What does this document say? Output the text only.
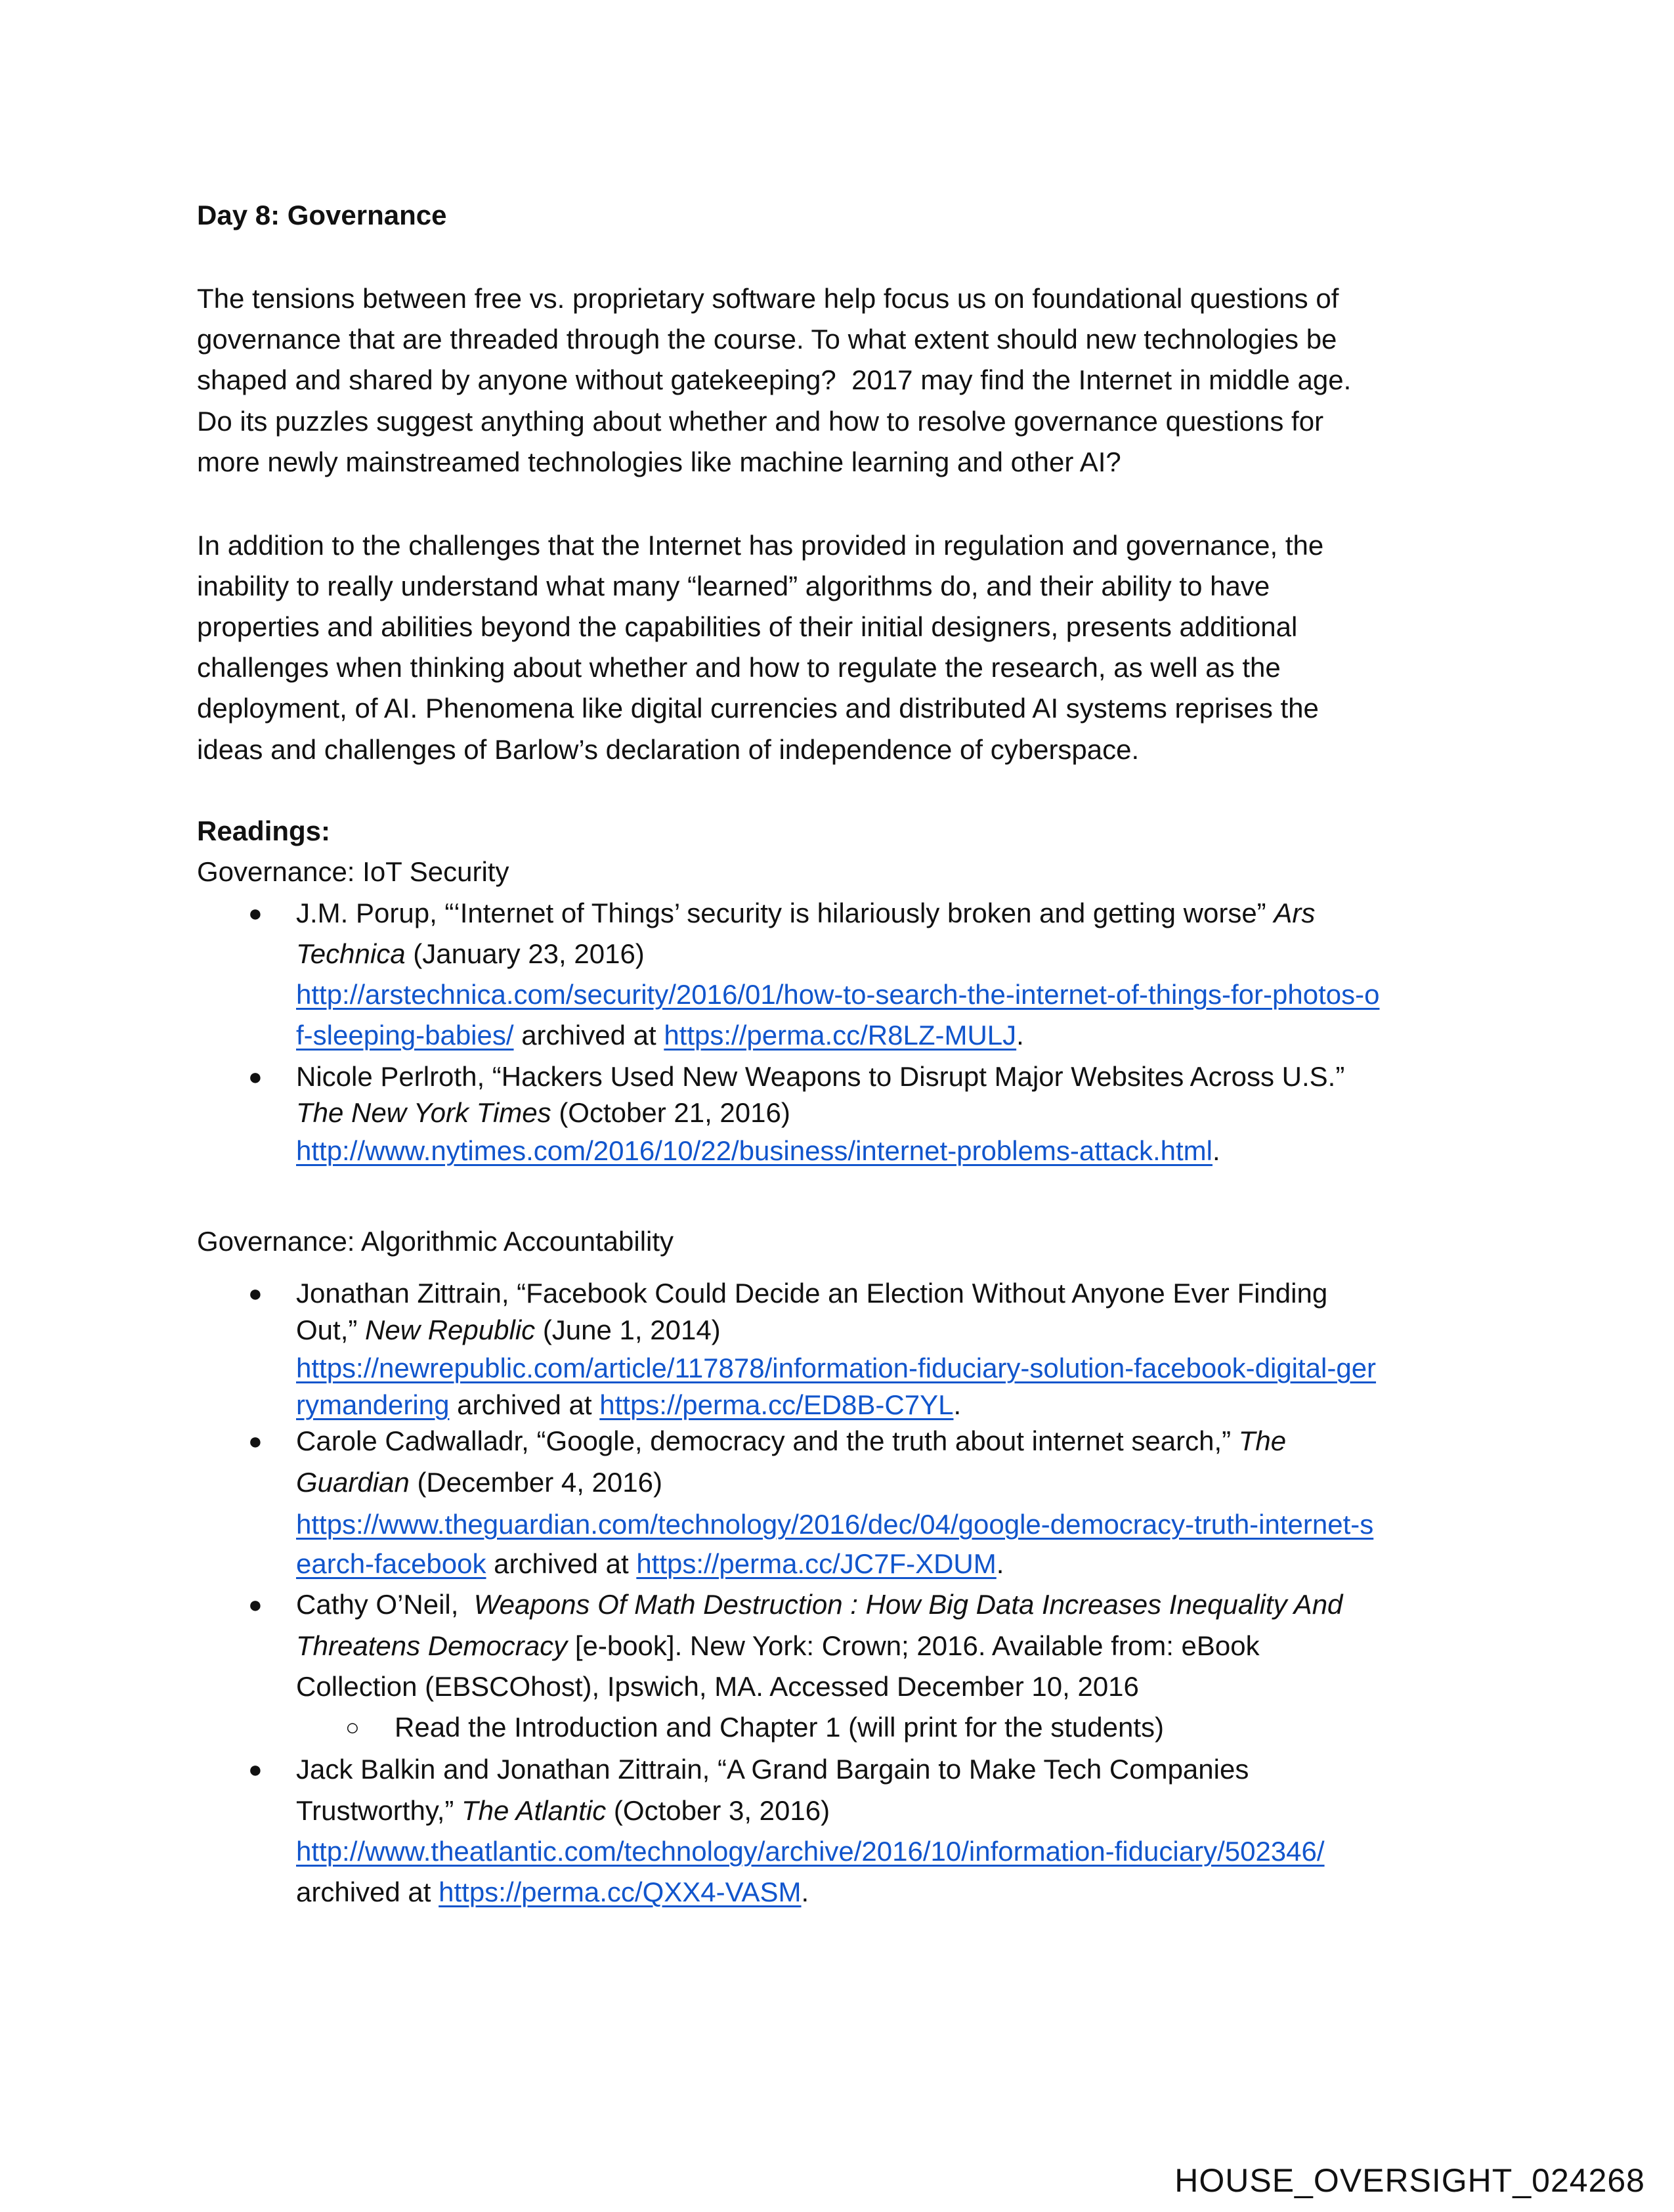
Day 8: Governance
The tensions between free vs. proprietary software help focus us on foundational questions of
governance that are threaded through the course. To what extent should new technologies be
shaped and shared by anyone without gatekeeping?  2017 may find the Internet in middle age.
Do its puzzles suggest anything about whether and how to resolve governance questions for
more newly mainstreamed technologies like machine learning and other AI?
In addition to the challenges that the Internet has provided in regulation and governance, the
inability to really understand what many “learned” algorithms do, and their ability to have
properties and abilities beyond the capabilities of their initial designers, presents additional
challenges when thinking about whether and how to regulate the research, as well as the
deployment, of AI. Phenomena like digital currencies and distributed AI systems reprises the
ideas and challenges of Barlow’s declaration of independence of cyberspace.
Readings:
Governance: IoT Security
J.M. Porup, “‘Internet of Things’ security is hilariously broken and getting worse” Ars
●
Technica (January 23, 2016)
http://arstechnica.com/security/2016/01/how-to-search-the-internet-of-things-for-photos-o
f-sleeping-babies/ archived at https://perma.cc/R8LZ-MULJ.
Nicole Perlroth, “Hackers Used New Weapons to Disrupt Major Websites Across U.S.”
●
The New York Times (October 21, 2016)
http://www.nytimes.com/2016/10/22/business/internet-problems-attack.html.
Governance: Algorithmic Accountability
Jonathan Zittrain, “Facebook Could Decide an Election Without Anyone Ever Finding
●
Out,” New Republic (June 1, 2014)
https://newrepublic.com/article/117878/information-fiduciary-solution-facebook-digital-ger
rymandering archived at https://perma.cc/ED8B-C7YL.
Carole Cadwalladr, “Google, democracy and the truth about internet search,” The
●
Guardian (December 4, 2016)
https://www.theguardian.com/technology/2016/dec/04/google-democracy-truth-internet-s
earch-facebook archived at https://perma.cc/JC7F-XDUM.
Cathy O’Neil,  Weapons Of Math Destruction : How Big Data Increases Inequality And
●
Threatens Democracy [e-book]. New York: Crown; 2016. Available from: eBook
Collection (EBSCOhost), Ipswich, MA. Accessed December 10, 2016
Read the Introduction and Chapter 1 (will print for the students)
○
Jack Balkin and Jonathan Zittrain, “A Grand Bargain to Make Tech Companies
●
Trustworthy,” The Atlantic (October 3, 2016)
http://www.theatlantic.com/technology/archive/2016/10/information-fiduciary/502346/
archived at https://perma.cc/QXX4-VASM.
HOUSE_OVERSIGHT_024268
